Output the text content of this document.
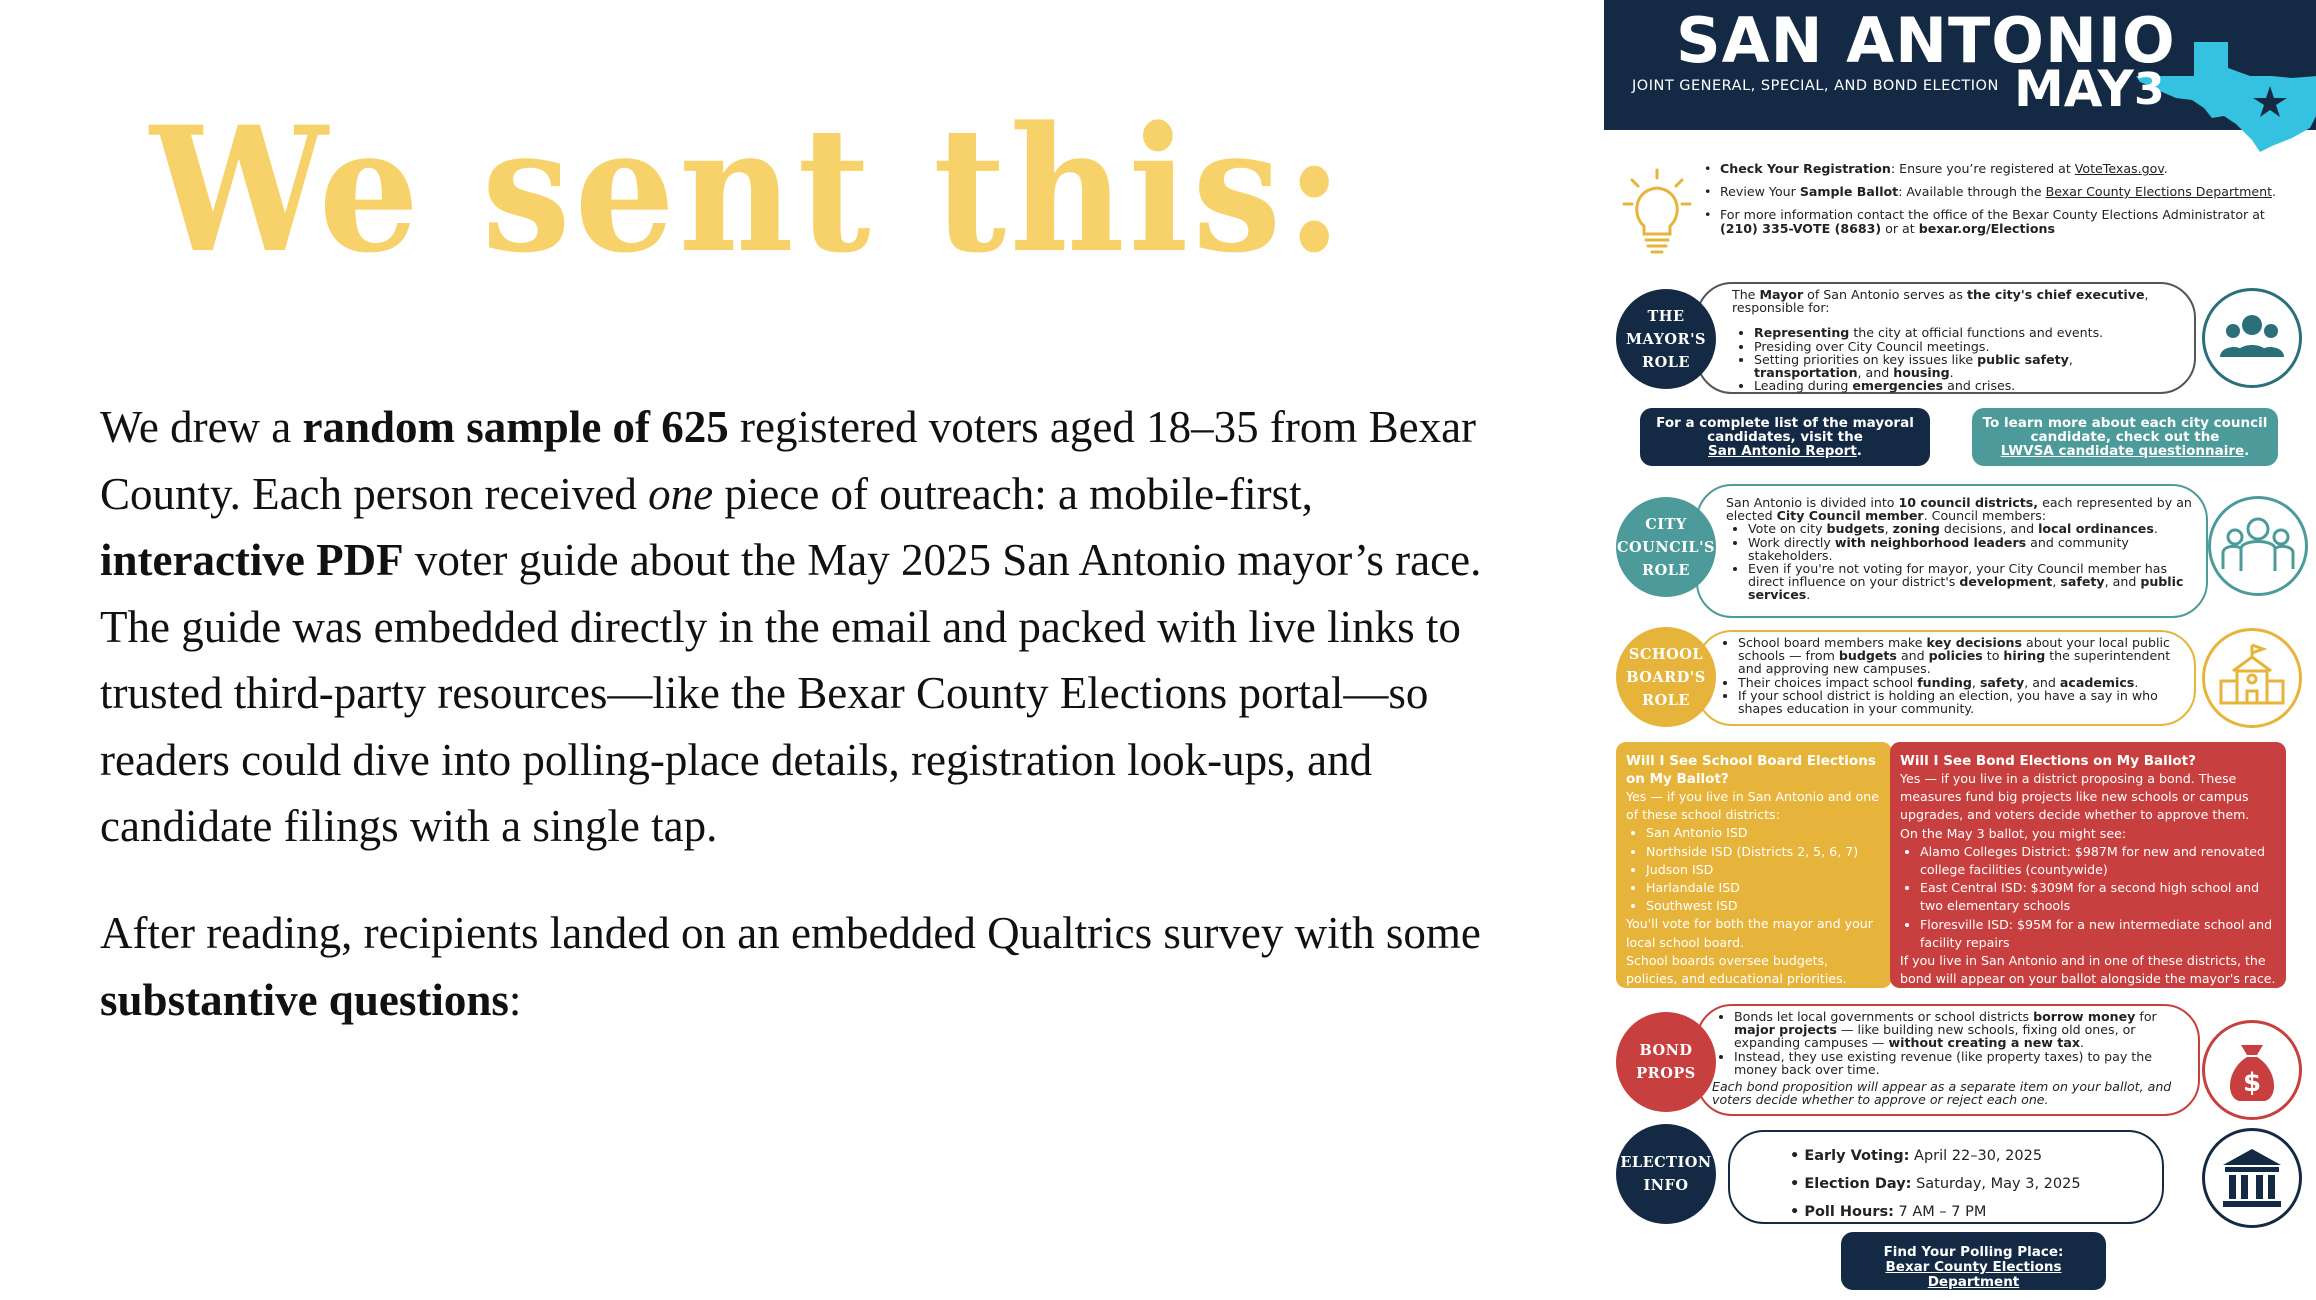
We sent this:
We drew a random sample of 625 registered voters aged 18–35 from Bexar County. Each person received one piece of outreach: a mobile-first, interactive PDF voter guide about the May 2025 San Antonio mayor’s race. The guide was embedded directly in the email and packed with live links to trusted third-party resources—like the Bexar County Elections portal—so readers could dive into polling-place details, registration look-ups, and candidate filings with a single tap.
After reading, recipients landed on an embedded Qualtrics survey with some substantive questions:
SAN ANTONIO
JOINT GENERAL, SPECIAL, AND BOND ELECTION MAY 3
• Check Your Registration: Ensure you’re registered at VoteTexas.gov.
• Review Your Sample Ballot: Available through the Bexar County Elections Department.
• For more information contact the office of the Bexar County Elections Administrator at (210) 335-VOTE (8683) or at bexar.org/Elections
The Mayor of San Antonio serves as the city's chief executive, responsible for:
• Representing the city at official functions and events.
• Presiding over City Council meetings.
• Setting priorities on key issues like public safety, transportation, and housing.
• Leading during emergencies and crises.
THE
MAYOR'S
ROLE
For a complete list of the mayoral candidates, visit the
San Antonio Report.
To learn more about each city council candidate, check out the
LWVSA candidate questionnaire.
San Antonio is divided into 10 council districts, each represented by an elected City Council member. Council members:
• Vote on city budgets, zoning decisions, and local ordinances.
• Work directly with neighborhood leaders and community stakeholders.
• Even if you're not voting for mayor, your City Council member has direct influence on your district's development, safety, and public services.
CITY
COUNCIL'S
ROLE
• School board members make key decisions about your local public schools — from budgets and policies to hiring the superintendent and approving new campuses.
• Their choices impact school funding, safety, and academics.
• If your school district is holding an election, you have a say in who shapes education in your community.
SCHOOL
BOARD'S
ROLE
Will I See School Board Elections on My Ballot?
Yes — if you live in San Antonio and one of these school districts:
• San Antonio ISD
• Northside ISD (Districts 2, 5, 6, 7)
• Judson ISD
• Harlandale ISD
• Southwest ISD
You'll vote for both the mayor and your local school board.
School boards oversee budgets, policies, and educational priorities.
Will I See Bond Elections on My Ballot?
Yes — if you live in a district proposing a bond. These measures fund big projects like new schools or campus upgrades, and voters decide whether to approve them.
On the May 3 ballot, you might see:
• Alamo Colleges District: $987M for new and renovated college facilities (countywide)
• East Central ISD: $309M for a second high school and two elementary schools
• Floresville ISD: $95M for a new intermediate school and facility repairs
If you live in San Antonio and in one of these districts, the bond will appear on your ballot alongside the mayor's race.
• Bonds let local governments or school districts borrow money for major projects — like building new schools, fixing old ones, or expanding campuses — without creating a new tax.
• Instead, they use existing revenue (like property taxes) to pay the money back over time.
Each bond proposition will appear as a separate item on your ballot, and voters decide whether to approve or reject each one.
BOND
PROPS	$
• Early Voting: April 22–30, 2025
• Election Day: Saturday, May 3, 2025
• Poll Hours: 7 AM – 7 PM
ELECTION
INFO
Find Your Polling Place:
Bexar County Elections Department
